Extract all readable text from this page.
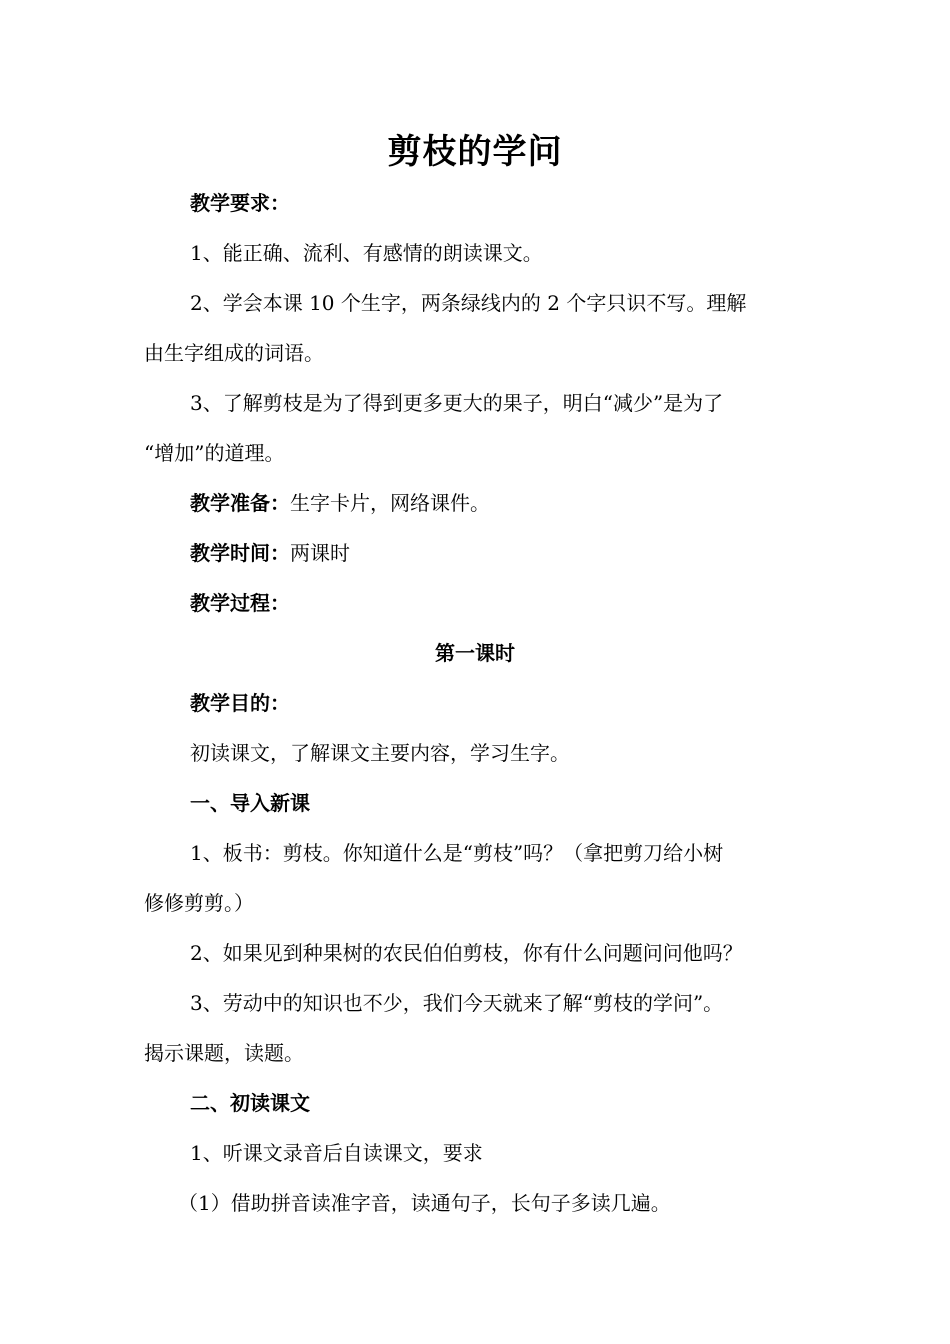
剪枝的学问
教学要求：
1、能正确、流利、有感情的朗读课文。
2、学会本课 10 个生字，两条绿线内的 2 个字只识不写。理解
由生字组成的词语。
3、了解剪枝是为了得到更多更大的果子，明白“减少”是为了
“增加”的道理。
教学准备：生字卡片，网络课件。
教学时间：两课时
教学过程：
第一课时
教学目的：
初读课文，了解课文主要内容，学习生字。
一、导入新课
1、板书：剪枝。你知道什么是“剪枝”吗？（拿把剪刀给小树
修修剪剪。）
2、如果见到种果树的农民伯伯剪枝，你有什么问题问问他吗？
3、劳动中的知识也不少，我们今天就来了解“剪枝的学问”。
揭示课题，读题。
二、初读课文
1、听课文录音后自读课文，要求
（1）借助拼音读准字音，读通句子，长句子多读几遍。
